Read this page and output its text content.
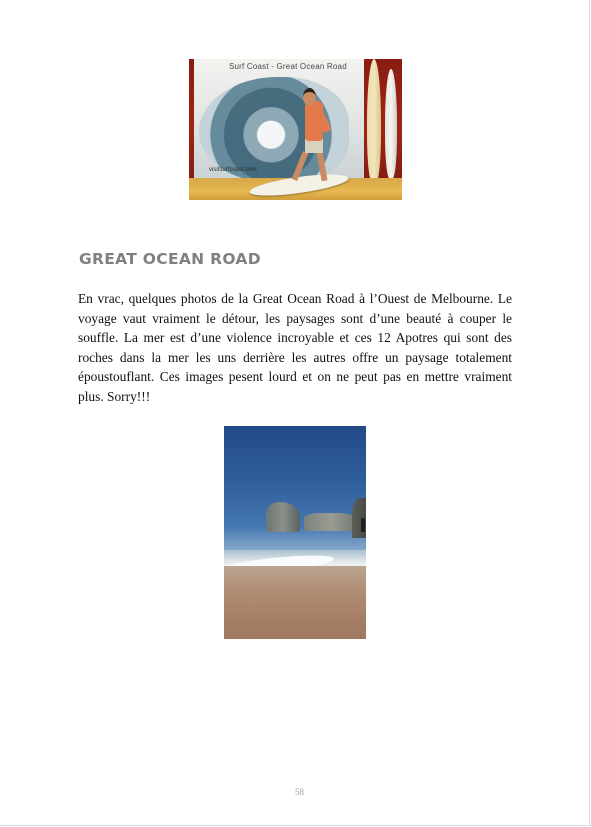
Surf Coast - Great Ocean Road
visitsurfcoast.com
GREAT OCEAN ROAD

En vrac, quelques photos de la Great Ocean Road à l’Ouest de Melbourne. Le voyage vaut vraiment le détour, les paysages sont d’une beauté à couper le souffle. La mer est d’une violence incroyable et ces 12 Apotres qui sont des roches dans la mer les uns derrière les autres offre un paysage totalement époustouflant. Ces images pesent lourd et on ne peut pas en mettre vraiment plus. Sorry!!!

58
